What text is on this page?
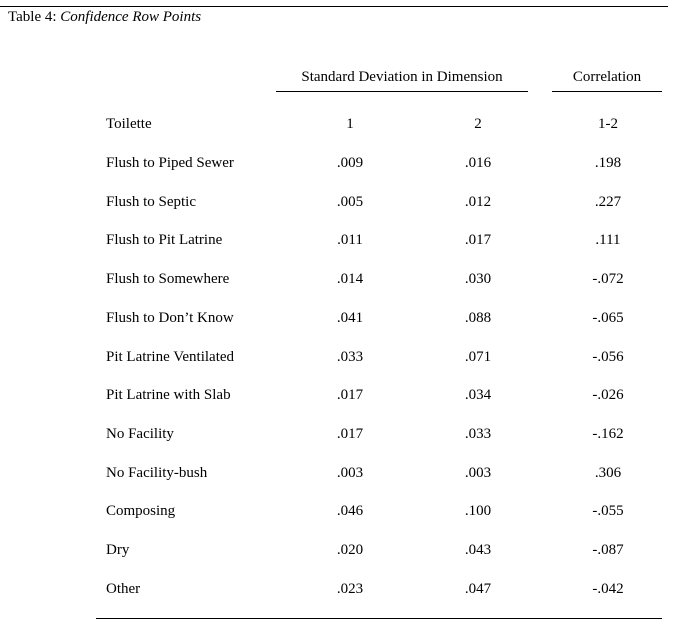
Table 4: Confidence Row Points
Standard Deviation in Dimension	Correlation
Toilette	1	2	1-2
Flush to Piped Sewer	.009	.016	.198
Flush to Septic	.005	.012	.227
Flush to Pit Latrine	.011	.017	.111
Flush to Somewhere	.014	.030	-.072
Flush to Don’t Know	.041	.088	-.065
Pit Latrine Ventilated	.033	.071	-.056
Pit Latrine with Slab	.017	.034	-.026
No Facility	.017	.033	-.162
No Facility-bush	.003	.003	.306
Composing	.046	.100	-.055
Dry	.020	.043	-.087
Other	.023	.047	-.042
